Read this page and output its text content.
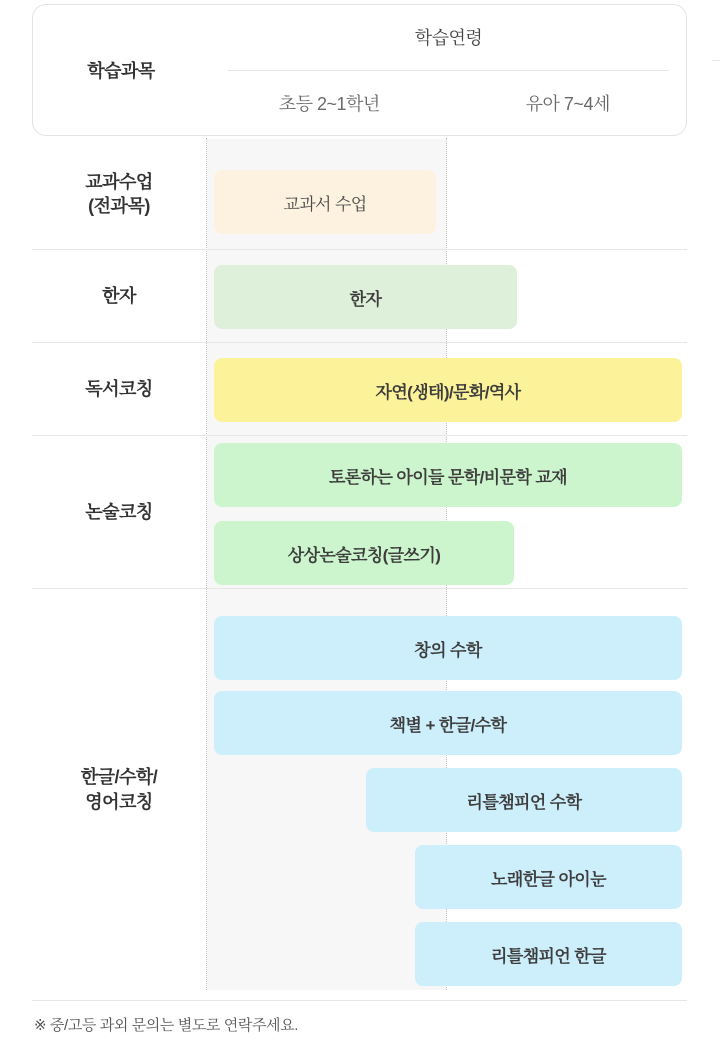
학습과목
학습연령
초등 2~1학년	유아 7~4세
교과수업
(전과목)
한자
독서코칭
논술코칭
한글/수학/
영어코칭
교과서 수업
한자
자연(생태)/문화/역사
토론하는 아이들 문학/비문학 교재
상상논술코칭(글쓰기)
창의 수학
책별 + 한글/수학
리틀챔피언 수학
노래한글 아이눈
리틀챔피언 한글
※ 중/고등 과외 문의는 별도로 연락주세요.
